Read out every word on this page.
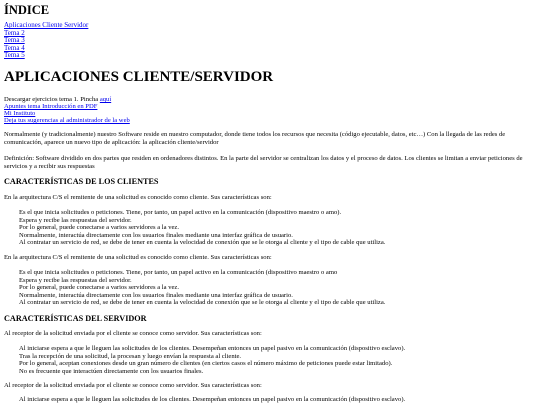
ÍNDICE
Aplicaciones Cliente Servidor
Tema 2
Tema 3
Tema 4
Tema 5
APLICACIONES CLIENTE/SERVIDOR
Descargar ejercicios tema 1. Pincha aquí
Apuntes tema Introducción en PDF
Mi Instituto
Deja tus sugerencias al administrador de la web
Normalmente (y tradicionalmente) nuestro Software reside en nuestro computador, donde tiene todos los recursos que necesita (código ejecutable, datos, etc…) Con la llegada de las redes de comunicación, aparece un nuevo tipo de aplicación: la aplicación cliente/servidor
Definición: Software dividido en dos partes que residen en ordenadores distintos. En la parte del servidor se centralizan los datos y el proceso de datos. Los clientes se limitan a enviar peticiones de servicios y a recibir sus respuestas
CARACTERÍSTICAS DE LOS CLIENTES
En la arquitectura C/S el remitente de una solicitud es conocido como cliente. Sus características son:
Es el que inicia solicitudes o peticiones. Tiene, por tanto, un papel activo en la comunicación (dispositivo maestro o amo).
Espera y recibe las respuestas del servidor.
Por lo general, puede conectarse a varios servidores a la vez.
Normalmente, interactúa directamente con los usuarios finales mediante una interfaz gráfica de usuario.
Al contratar un servicio de red, se debe de tener en cuenta la velocidad de conexión que se le otorga al cliente y el tipo de cable que utiliza.
En la arquitectura C/S el remitente de una solicitud es conocido como cliente. Sus características son:
Es el que inicia solicitudes o peticiones. Tiene, por tanto, un papel activo en la comunicación (dispositivo maestro o amo
Espera y recibe las respuestas del servidor.
Por lo general, puede conectarse a varios servidores a la vez.
Normalmente, interactúa directamente con los usuarios finales mediante una interfaz gráfica de usuario.
Al contratar un servicio de red, se debe de tener en cuenta la velocidad de conexión que se le otorga al cliente y el tipo de cable que utiliza.
CARACTERÍSTICAS DEL SERVIDOR
Al receptor de la solicitud enviada por el cliente se conoce como servidor. Sus características son:
Al iniciarse espera a que le lleguen las solicitudes de los clientes. Desempeñan entonces un papel pasivo en la comunicación (dispositivo esclavo).
Tras la recepción de una solicitud, la procesan y luego envían la respuesta al cliente.
Por lo general, aceptan conexiones desde un gran número de clientes (en ciertos casos el número máximo de peticiones puede estar limitado).
No es frecuente que interactúen directamente con los usuarios finales.
Al receptor de la solicitud enviada por el cliente se conoce como servidor. Sus características son:
Al iniciarse espera a que le lleguen las solicitudes de los clientes. Desempeñan entonces un papel pasivo en la comunicación (dispositivo esclavo).
